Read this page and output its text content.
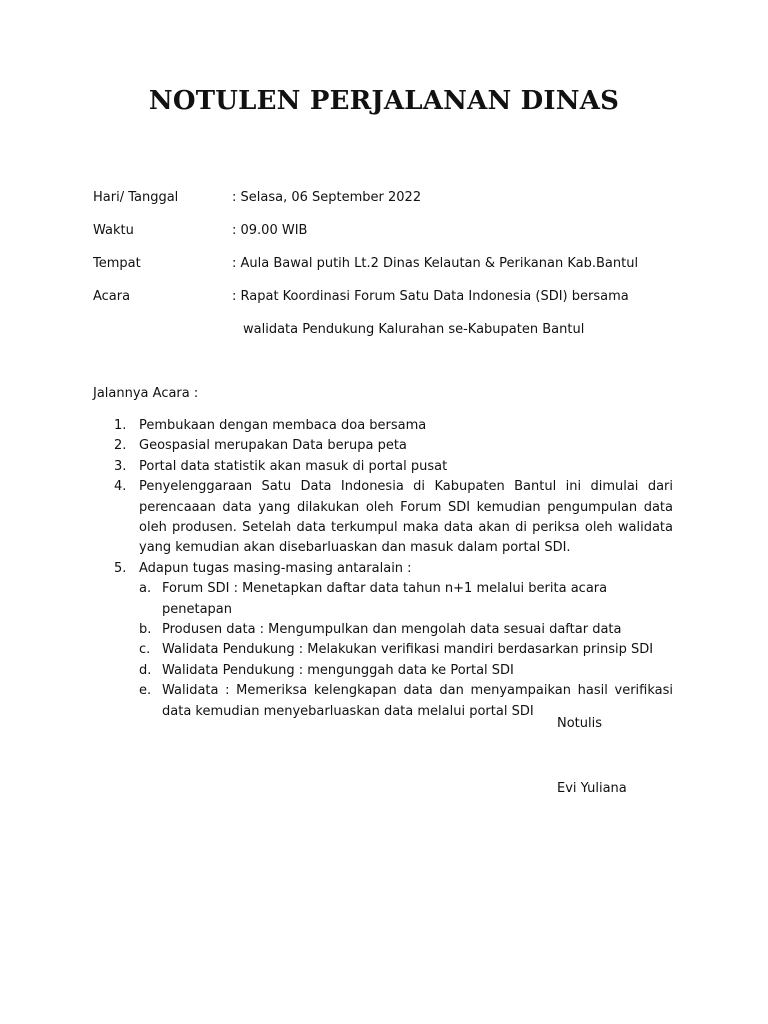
NOTULEN PERJALANAN DINAS
Hari/ Tanggal	: Selasa, 06 September 2022
Waktu	: 09.00 WIB
Tempat	: Aula Bawal putih Lt.2 Dinas Kelautan & Perikanan Kab.Bantul
Acara	: Rapat Koordinasi Forum Satu Data Indonesia (SDI) bersama
walidata Pendukung Kalurahan se-Kabupaten Bantul
Jalannya Acara :
1. Pembukaan dengan membaca doa bersama
2. Geospasial merupakan Data berupa peta
3. Portal data statistik akan masuk di portal pusat
4. Penyelenggaraan Satu Data Indonesia di Kabupaten Bantul ini dimulai dari perencaaan data yang dilakukan oleh Forum SDI kemudian pengumpulan data oleh produsen. Setelah data terkumpul maka data akan di periksa oleh walidata yang kemudian akan disebarluaskan dan masuk dalam portal SDI.
5. Adapun tugas masing-masing antaralain :
a. Forum SDI : Menetapkan daftar data tahun n+1 melalui berita acara penetapan
b. Produsen data : Mengumpulkan dan mengolah data sesuai daftar data
c. Walidata Pendukung : Melakukan verifikasi mandiri berdasarkan prinsip SDI
d. Walidata Pendukung : mengunggah data ke Portal SDI
e. Walidata : Memeriksa kelengkapan data dan menyampaikan hasil verifikasi data kemudian menyebarluaskan data melalui portal SDI
Notulis
Evi Yuliana
